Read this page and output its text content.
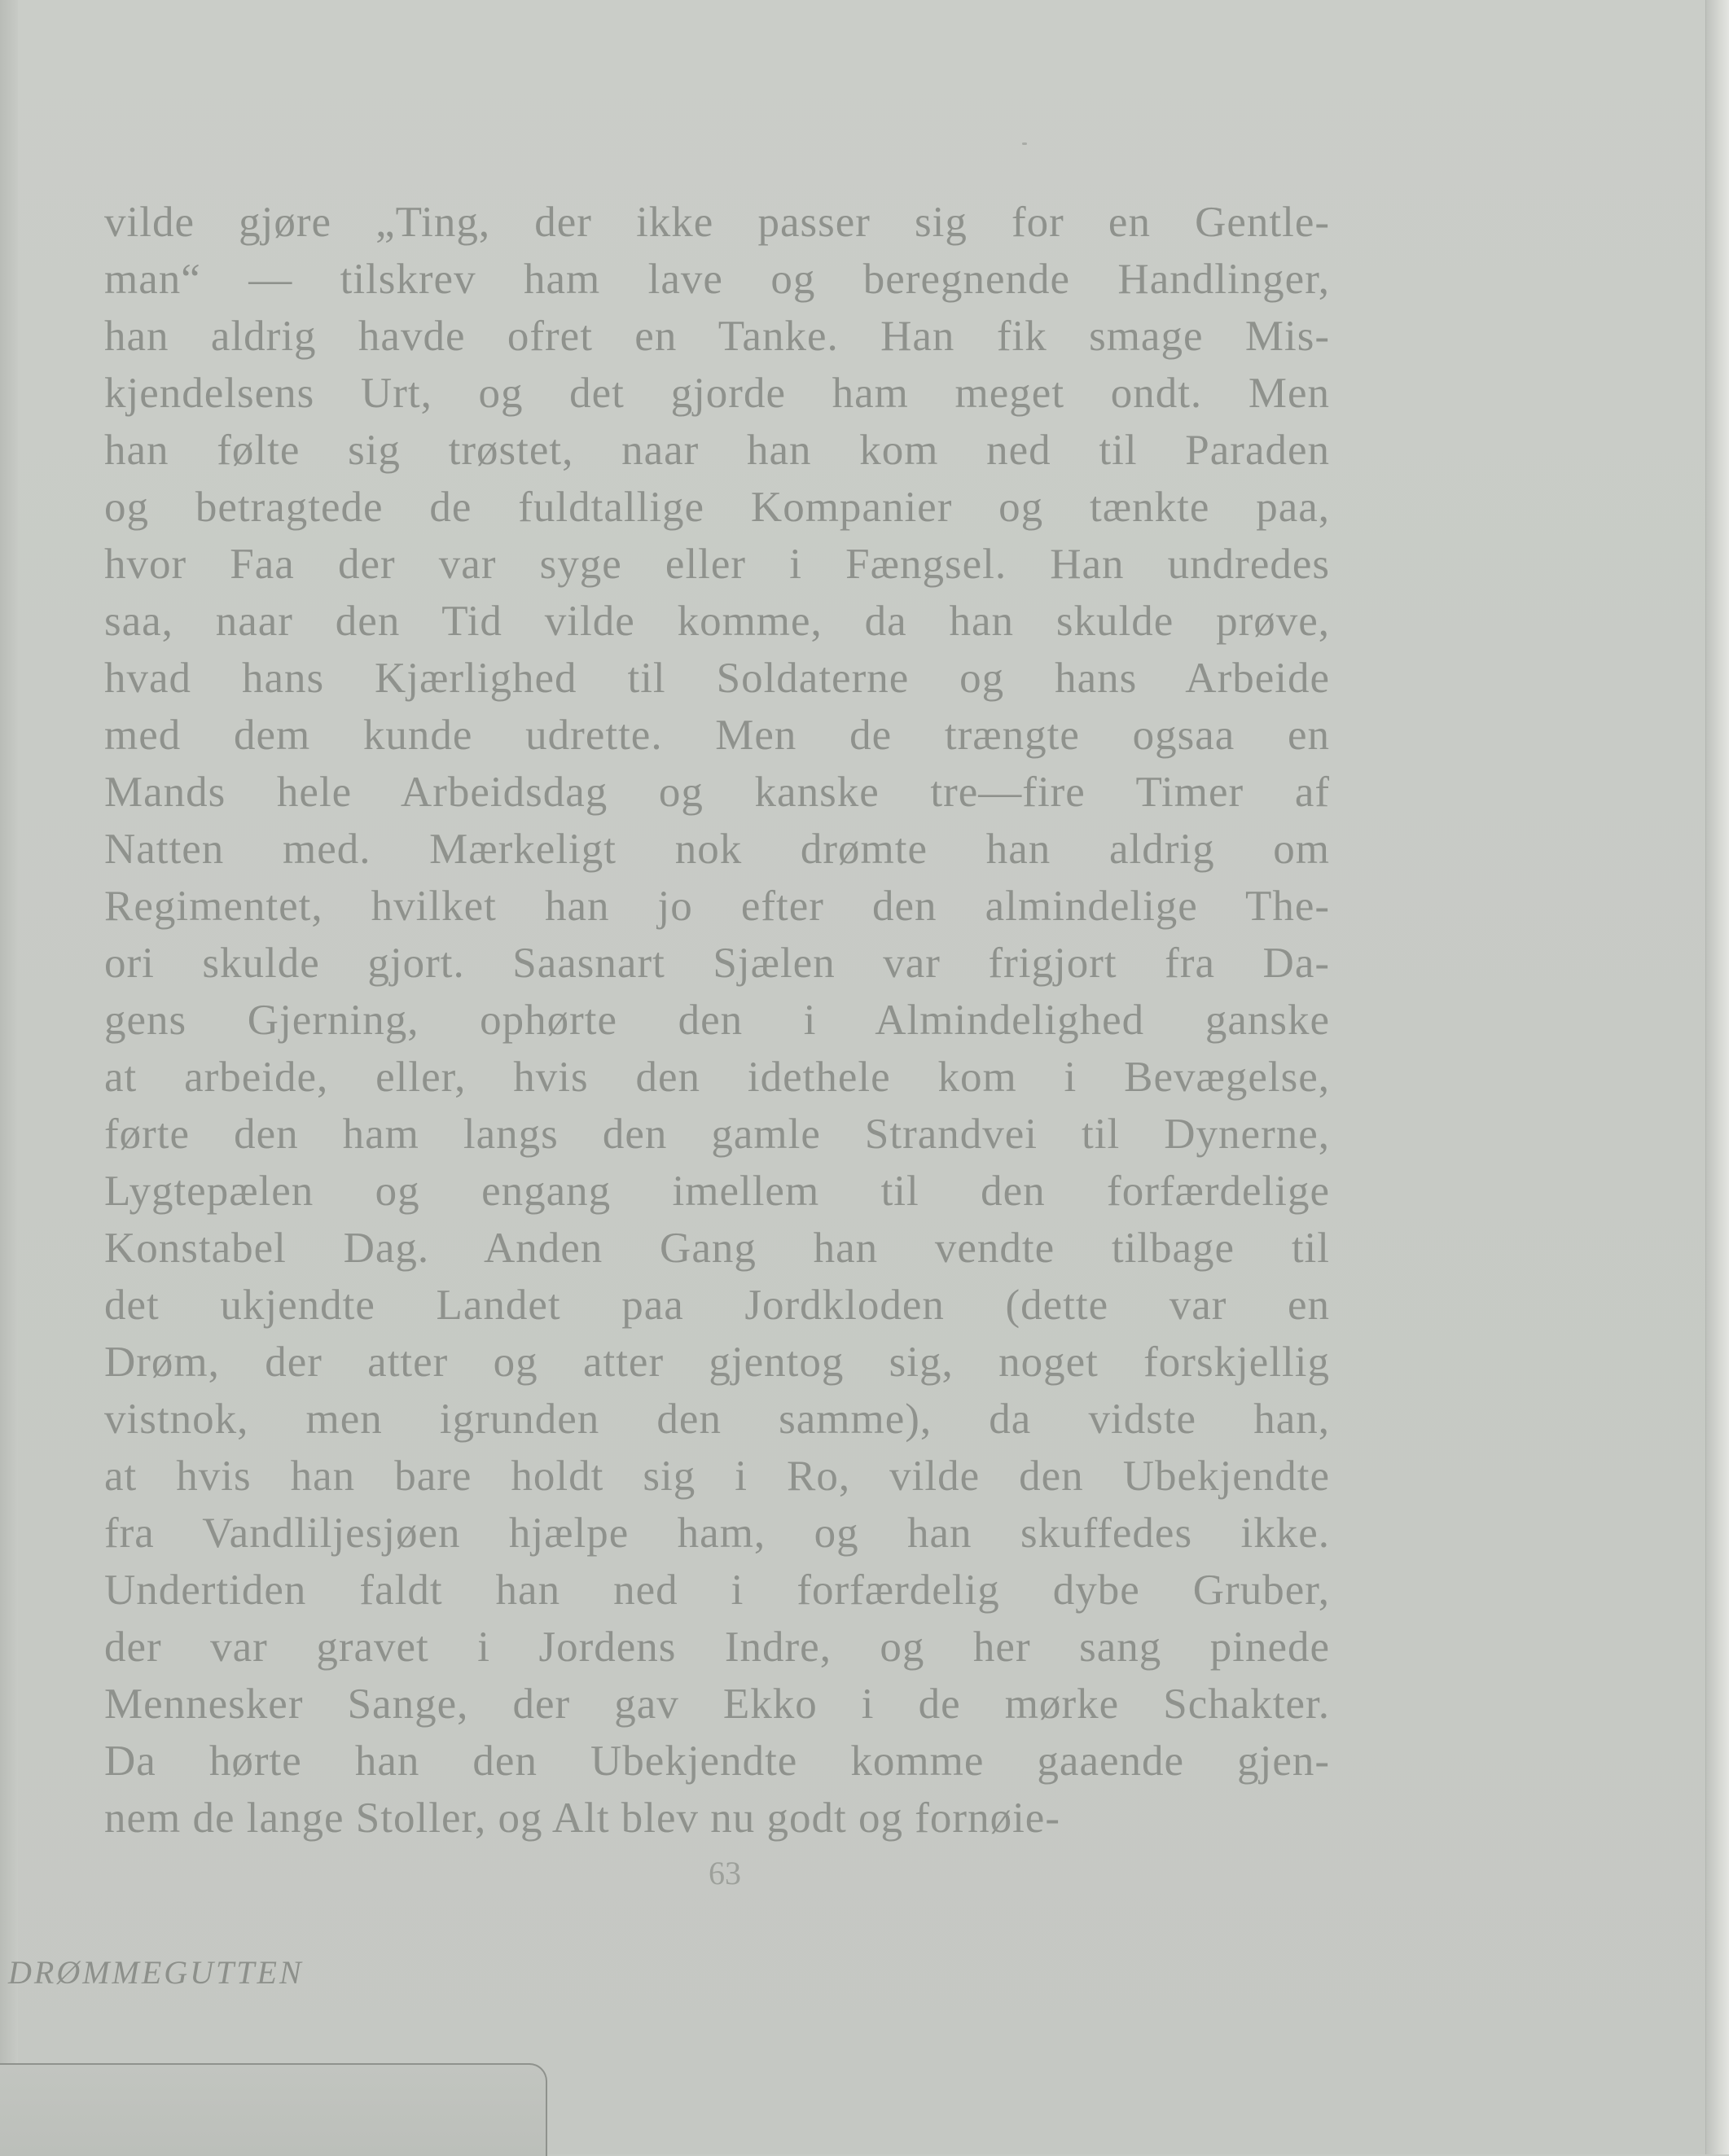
vilde gjøre „Ting, der ikke passer sig for en Gentle-
man“ — tilskrev ham lave og beregnende Handlinger,
han aldrig havde ofret en Tanke. Han fik smage Mis-
kjendelsens Urt, og det gjorde ham meget ondt. Men
han følte sig trøstet, naar han kom ned til Paraden
og betragtede de fuldtallige Kompanier og tænkte paa,
hvor Faa der var syge eller i Fængsel. Han undredes
saa, naar den Tid vilde komme, da han skulde prøve,
hvad hans Kjærlighed til Soldaterne og hans Arbeide
med dem kunde udrette. Men de trængte ogsaa en
Mands hele Arbeidsdag og kanske tre—fire Timer af
Natten med. Mærkeligt nok drømte han aldrig om
Regimentet, hvilket han jo efter den almindelige The-
ori skulde gjort. Saasnart Sjælen var frigjort fra Da-
gens Gjerning, ophørte den i Almindelighed ganske
at arbeide, eller, hvis den idethele kom i Bevægelse,
førte den ham langs den gamle Strandvei til Dynerne,
Lygtepælen og engang imellem til den forfærdelige
Konstabel Dag. Anden Gang han vendte tilbage til
det ukjendte Landet paa Jordkloden (dette var en
Drøm, der atter og atter gjentog sig, noget forskjellig
vistnok, men igrunden den samme), da vidste han,
at hvis han bare holdt sig i Ro, vilde den Ubekjendte
fra Vandliljesjøen hjælpe ham, og han skuffedes ikke.
Undertiden faldt han ned i forfærdelig dybe Gruber,
der var gravet i Jordens Indre, og her sang pinede
Mennesker Sange, der gav Ekko i de mørke Schakter.
Da hørte han den Ubekjendte komme gaaende gjen-
nem de lange Stoller, og Alt blev nu godt og fornøie-
63
DRØMMEGUTTEN
